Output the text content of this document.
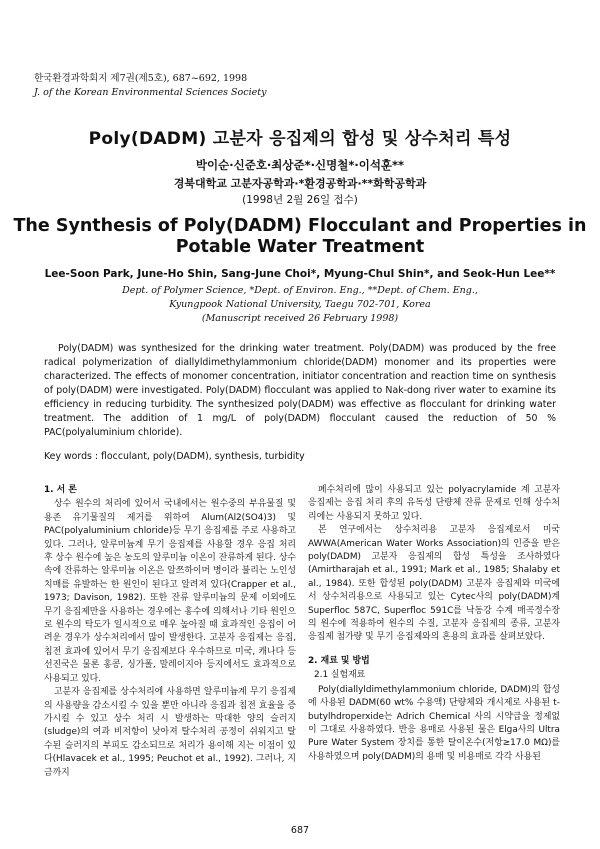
한국환경과학회지 제7권(제5호), 687~692, 1998
J. of the Korean Environmental Sciences Society
Poly(DADM) 고분자 응집제의 합성 및 상수처리 특성
박이순·신준호·최상준*·신명철*·이석훈**
경북대학교 고분자공학과·*환경공학과·**화학공학과
(1998년 2월 26일 접수)
The Synthesis of Poly(DADM) Flocculant and Properties in
Potable Water Treatment
Lee-Soon Park, June-Ho Shin, Sang-June Choi*, Myung-Chul Shin*, and Seok-Hun Lee**
Dept. of Polymer Science, *Dept. of Environ. Eng., **Dept. of Chem. Eng.,
Kyungpook National University, Taegu 702-701, Korea
(Manuscript received 26 February 1998)

Poly(DADM) was synthesized for the drinking water treatment. Poly(DADM) was produced by the free radical polymerization of diallyldimethylammonium chloride(DADM) monomer and its properties were characterized. The effects of monomer concentration, initiator concentration and reaction time on synthesis of poly(DADM) were investigated. Poly(DADM) flocculant was applied to Nak-dong river water to examine its efficiency in reducing turbidity. The synthesized poly(DADM) was effective as flocculant for drinking water treatment. The addition of 1 mg/L of poly(DADM) flocculant caused the reduction of 50 % PAC(polyaluminium chloride).

Key words : flocculant, poly(DADM), synthesis, turbidity

1. 서 론

상수 원수의 처리에 있어서 국내에서는 원수중의 부유물질 및 용존 유기물질의 제거를 위하여 Alum(Al2(SO4)3) 및 PAC(polyaluminium chloride)등 무기 응집제를 주로 사용하고 있다. 그러나, 알루미늄계 무기 응집제를 사용할 경우 응집 처리 후 상수 원수에 높은 농도의 알루미늄 이온이 잔류하게 된다. 상수 속에 잔류하는 알루미늄 이온은 알쯔하이머 병이라 불리는 노인성 치매를 유발하는 한 원인이 된다고 알려져 있다(Crapper et al., 1973; Davison, 1982). 또한 잔류 알루미늄의 문제 이외에도 무기 응집제만을 사용하는 경우에는 홍수에 의해서나 기타 원인으로 원수의 탁도가 일시적으로 매우 높아질 때 효과적인 응집이 어려운 경우가 상수처리에서 많이 발생한다. 고분자 응집제는 응집, 침전 효과에 있어서 무기 응집제보다 우수하므로 미국, 캐나다 등 선진국은 물론 홍콩, 싱가폴, 말레이지아 등지에서도 효과적으로 사용되고 있다.

고분자 응집제를 상수처리에 사용하면 알루미늄계 무기 응집제의 사용량을 감소시킬 수 있을 뿐만 아니라 응집과 침전 효율을 증가시킬 수 있고 상수 처리 시 발생하는 막대한 양의 슬러지(sludge)의 여과 비저항이 낮아져 탈수처리 공정이 쉬워지고 탈수된 슬러지의 부피도 감소되므로 처리가 용이해 지는 이점이 있다(Hlavacek et al., 1995; Peuchot et al., 1992). 그러나, 지금까지

폐수처리에 많이 사용되고 있는 polyacrylamide 계 고분자 응집제는 응집 처리 후의 유독성 단량체 잔류 문제로 인해 상수처리에는 사용되지 못하고 있다.

본 연구에서는 상수처리용 고분자 응집제로서 미국 AWWA(American Water Works Association)의 인증을 받은 poly(DADM) 고분자 응집제의 합성 특성을 조사하였다(Amirtharajah et al., 1991; Mark et al., 1985; Shalaby et al., 1984). 또한 합성된 poly(DADM) 고분자 응집제와 미국에서 상수처리용으로 사용되고 있는 Cytec사의 poly(DADM)계 Superfloc 587C, Superfloc 591C를 낙동강 수계 매곡정수장의 원수에 적용하여 원수의 수질, 고분자 응집제의 종류, 고분자 응집제 첨가량 및 무기 응집제와의 혼용의 효과를 살펴보았다.

2. 재료 및 방법

2.1 실험재료

Poly(diallyldimethylammonium chloride, DADM)의 합성에 사용된 DADM(60 wt% 수용액) 단량체와 개시제로 사용된 t-butylhdroperxide는 Adrich Chemical 사의 시약급을 정제없이 그대로 사용하였다. 반응 용매로 사용된 물은 Elga사의 Ultra Pure Water System 장치를 통한 탈이온수(저항≥17.0 MΩ)를 사용하였으며 poly(DADM)의 용매 및 비용매로 각각 사용된

687
